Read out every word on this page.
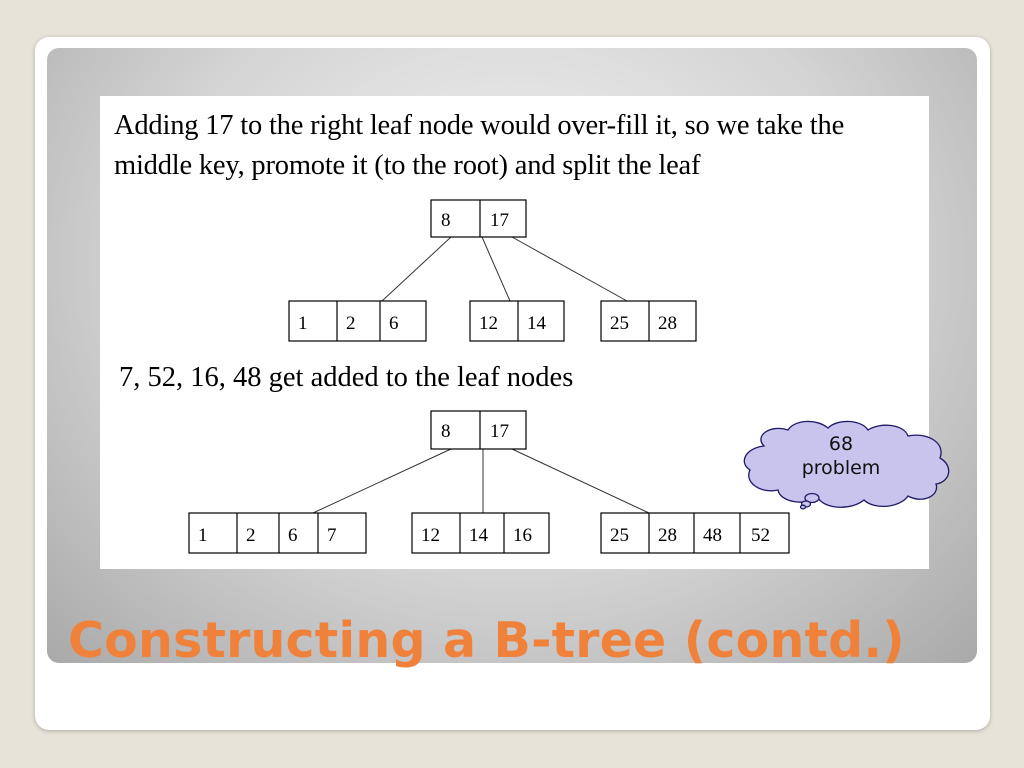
Adding 17 to the right leaf node would over-fill it, so we take the
middle key, promote it (to the root) and split the leaf
8 17
1 2 6	12 14	25 28
8 17
1 2 6 7	12 14 16	25 28 48 52
7, 52, 16, 48 get added to the leaf nodes
68
problem
Constructing a B-tree (contd.)
